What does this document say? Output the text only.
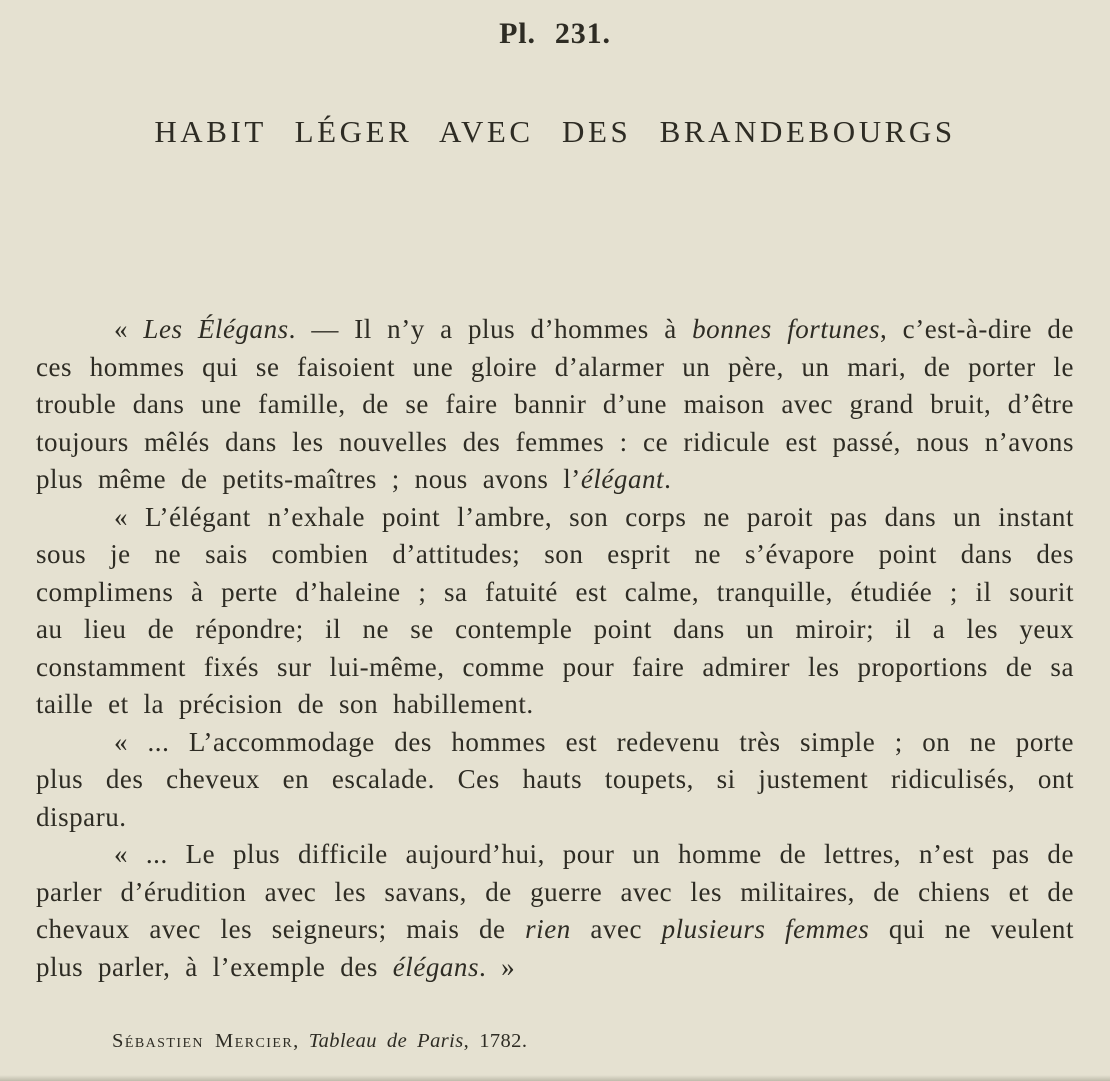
Pl. 231.

HABIT LÉGER AVEC DES BRANDEBOURGS

« Les Élégans. — Il n’y a plus d’hommes à bonnes fortunes, c’est-à-dire de ces hommes qui se faisoient une gloire d’alarmer un père, un mari, de porter le trouble dans une famille, de se faire bannir d’une maison avec grand bruit, d’être toujours mêlés dans les nouvelles des femmes : ce ridicule est passé, nous n’avons plus même de petits-maîtres ; nous avons l’élégant.

« L’élégant n’exhale point l’ambre, son corps ne paroit pas dans un instant sous je ne sais combien d’attitudes; son esprit ne s’évapore point dans des complimens à perte d’haleine ; sa fatuité est calme, tranquille, étudiée ; il sourit au lieu de répondre; il ne se contemple point dans un miroir; il a les yeux constamment fixés sur lui-même, comme pour faire admirer les proportions de sa taille et la précision de son habillement.

« ... L’accommodage des hommes est redevenu très simple ; on ne porte plus des cheveux en escalade. Ces hauts toupets, si justement ridiculisés, ont disparu.

« ... Le plus difficile aujourd’hui, pour un homme de lettres, n’est pas de parler d’érudition avec les savans, de guerre avec les militaires, de chiens et de chevaux avec les seigneurs; mais de rien avec plusieurs femmes qui ne veulent plus parler, à l’exemple des élégans. »

Sébastien Mercier, Tableau de Paris, 1782.
